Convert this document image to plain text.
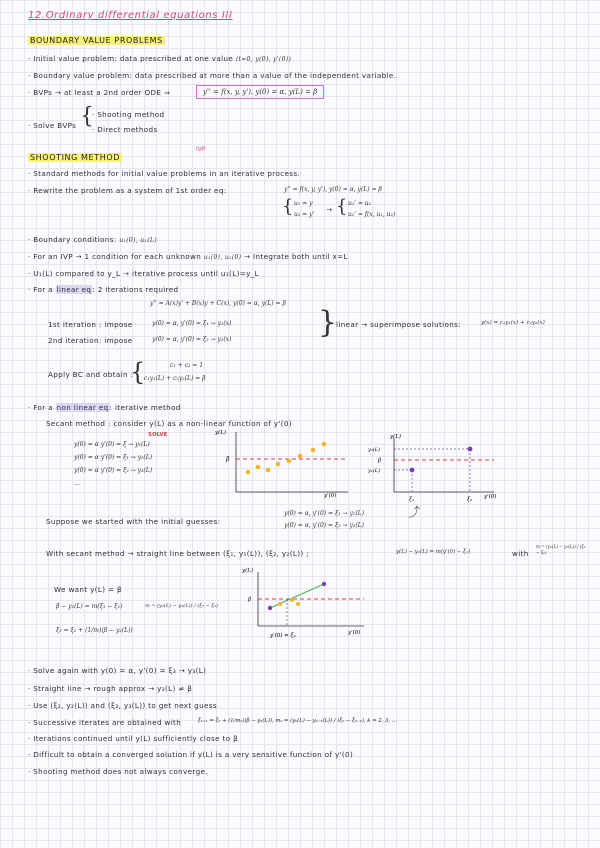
12.Ordinary differential equations III
BOUNDARY VALUE PROBLEMS
· Initial value problem: data prescribed at one value (t=0, y(0), y'(0))
· Boundary value problem: data prescribed at more than a value of the independent variable.
· BVPs → at least a 2nd order ODE ⇒	y'' = f(x, y, y'), y(0) = α, y(L) = β
· Solve BVPs {
· Shooting method
· Direct methods
SHOOTING METHOD
IVP
· Standard methods for initial value problems in an iterative process.
· Rewrite the problem as a system of 1st order eq:	y'' = f(x, y, y'), y(0) = α, y(L) = β
{ u₁ = y
u₂ = y'
→ { u₁' = u₂
u₂' = f(x, u₁, u₂)
· Boundary conditions: u₁(0), u₁(L)
· For an IVP → 1 condition for each unknown u₁(0), u₂(0) → Integrate both until x=L
· U₁(L) compared to y_L → iterative process until u₁(L)=y_L
· For a linear eq: 2 iterations required
y'' = A(x)y' + B(x)y + C(x), y(0) = α, y(L) = β
1st iteration : impose	y(0) = α, y'(0) = ξ₁ → y₁(x)
2nd iteration: impose	y(0) = α, y'(0) = ξ₂ → y₂(x)	}
linear → superimpose solutions:	y(x) = c₁y₁(x) + c₂y₂(x)
Apply BC and obtain :
{	c₁ + c₂ = 1
c₁y₁(L) + c₂y₂(L) = β
· For a non linear eq: iterative method
Secant method : consider y(L) as a non-linear function of y'(0)
SOLVE
y(0) = α y'(0) = ξ → y₁(L)
y(0) = α y'(0) = ξ₁ → y₂(L)
y(0) = α y'(0) = ξ₂ → y₃(L)
…
y(L)
y'(0)
β
y(L)
y'(0)
y₂(L)
β
y₁(L)
ξ₁	ξ₂
⤴
Suppose we started with the initial guesses:
y(0) = α, y'(0) = ξ₁ → y₁(L)
y(0) = α, y'(0) = ξ₂ → y₂(L)
With secant method → straight line between (ξ₁, y₁(L)), (ξ₂, y₂(L)) ;	y(L) − y₂(L) = m(y'(0) − ξ₂)	with
m = (y₂(L) − y₁(L)) / (ξ₂ − ξ₁)
We want y(L) = β
β − y₂(L) = m(ξ₃ − ξ₂)	m = (y₂(L) − y₁(L)) / (ξ₂ − ξ₁)
ξ₃ = ξ₂ + (1/m)(β − y₂(L))
y(L)
β
y'(0)
y'(0) = ξ₃
· Solve again with y(0) = α, y'(0) = ξ₃ → y₃(L)
· Straight line → rough approx → y₃(L) ≠ β
· Use (ξ₂, y₂(L)) and (ξ₃, y₃(L)) to get next guess
· Successive iterates are obtained with	ξₖ₊₁ = ξₖ + (1/mₖ)(β − yₖ(L)), mₖ = (yₖ(L) − yₖ₋₁(L)) / (ξₖ − ξₖ₋₁), k = 2, 3, …
· Iterations continued until y(L) sufficiently close to β
· Difficult to obtain a converged solution if y(L) is a very sensitive function of y'(0)
· Shooting method does not always converge.
